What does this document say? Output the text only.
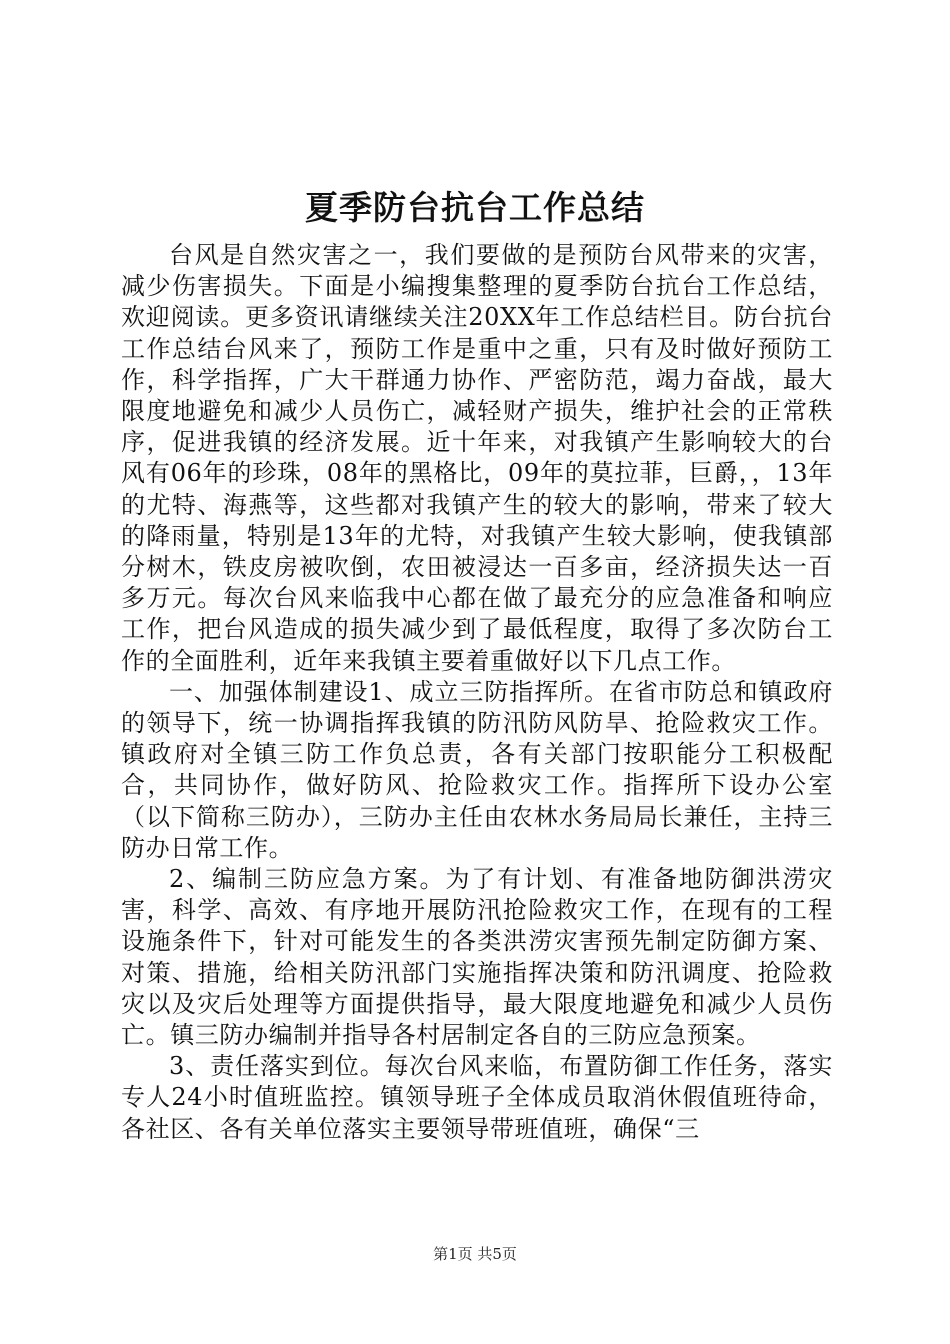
夏季防台抗台工作总结

台风是自然灾害之一，我们要做的是预防台风带来的灾害，减少伤害损失。下面是小编搜集整理的夏季防台抗台工作总结，欢迎阅读。更多资讯请继续关注20XX年工作总结栏目。防台抗台工作总结台风来了，预防工作是重中之重，只有及时做好预防工作，科学指挥，广大干群通力协作、严密防范，竭力奋战，最大限度地避免和减少人员伤亡，减轻财产损失，维护社会的正常秩序，促进我镇的经济发展。近十年来，对我镇产生影响较大的台风有06年的珍珠，08年的黑格比，09年的莫拉菲，巨爵，，13年的尤特、海燕等，这些都对我镇产生的较大的影响，带来了较大的降雨量，特别是13年的尤特，对我镇产生较大影响，使我镇部分树木，铁皮房被吹倒，农田被浸达一百多亩，经济损失达一百多万元。每次台风来临我中心都在做了最充分的应急准备和响应工作，把台风造成的损失减少到了最低程度，取得了多次防台工作的全面胜利，近年来我镇主要着重做好以下几点工作。

一、加强体制建设1、成立三防指挥所。在省市防总和镇政府的领导下，统一协调指挥我镇的防汛防风防旱、抢险救灾工作。镇政府对全镇三防工作负总责，各有关部门按职能分工积极配合，共同协作，做好防风、抢险救灾工作。指挥所下设办公室（以下简称三防办），三防办主任由农林水务局局长兼任，主持三防办日常工作。

2、编制三防应急方案。为了有计划、有准备地防御洪涝灾害，科学、高效、有序地开展防汛抢险救灾工作，在现有的工程设施条件下，针对可能发生的各类洪涝灾害预先制定防御方案、对策、措施，给相关防汛部门实施指挥决策和防汛调度、抢险救灾以及灾后处理等方面提供指导，最大限度地避免和减少人员伤亡。镇三防办编制并指导各村居制定各自的三防应急预案。

3、责任落实到位。每次台风来临，布置防御工作任务，落实专人24小时值班监控。镇领导班子全体成员取消休假值班待命，各社区、各有关单位落实主要领导带班值班，确保“三

第1页 共5页
